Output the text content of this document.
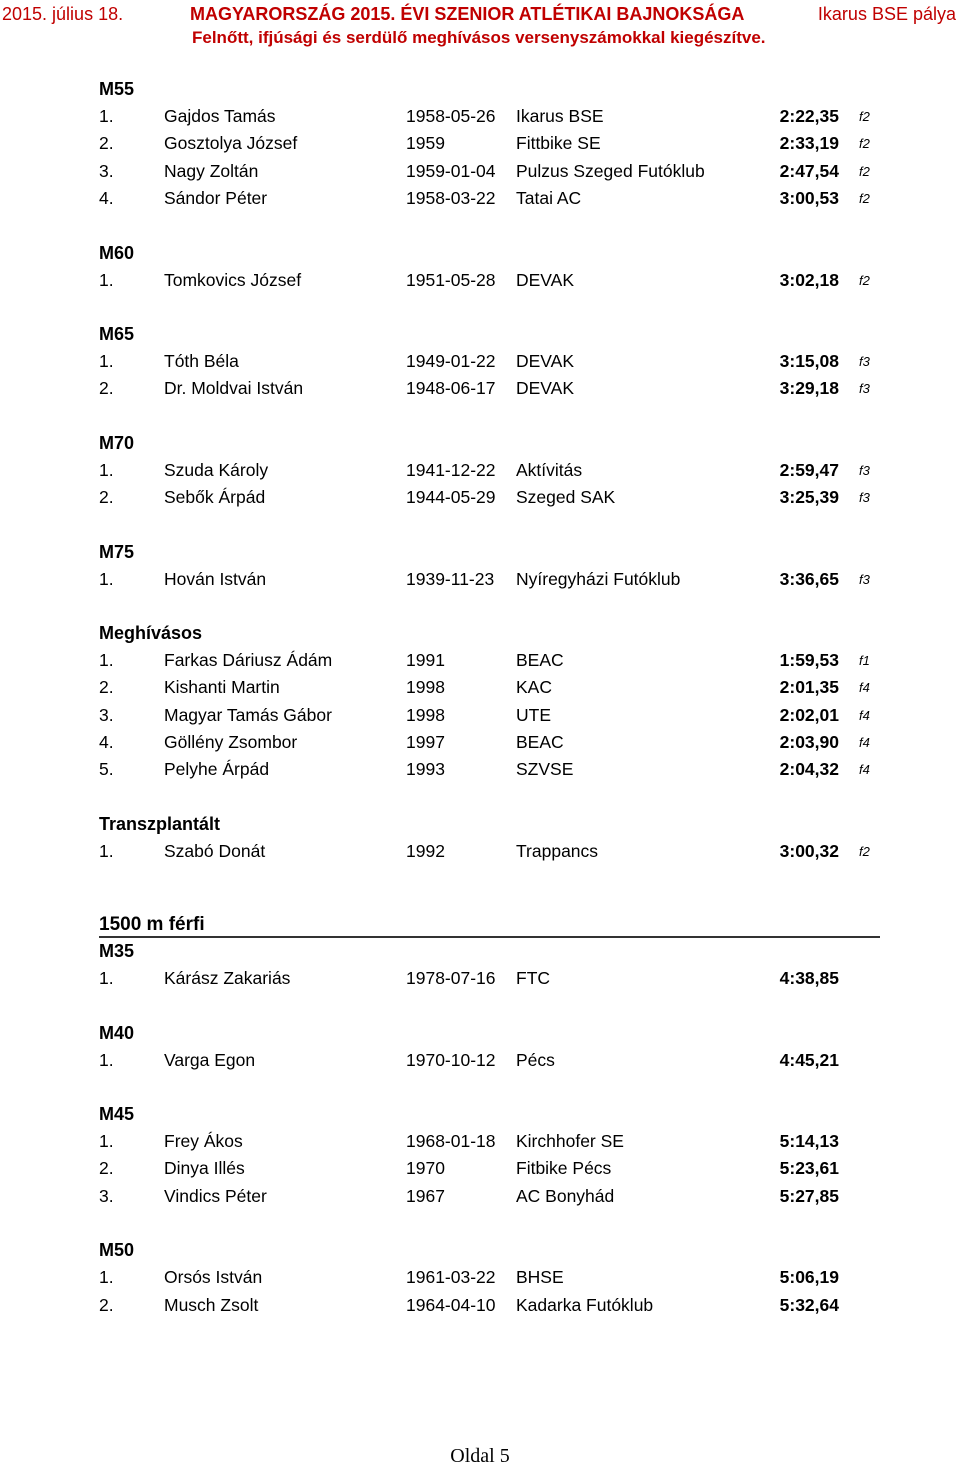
2015. július 18.	MAGYARORSZÁG 2015. ÉVI SZENIOR ATLÉTIKAI BAJNOKSÁGA	Ikarus BSE pálya
Felnőtt, ifjúsági és serdülő meghívásos versenyszámokkal kiegészítve.
M55
1.	Gajdos Tamás	1958-05-26 Ikarus BSE	2:22,35 f2
2.	Gosztolya József	1959	Fittbike SE	2:33,19 f2
3.	Nagy Zoltán	1959-01-04 Pulzus Szeged Futóklub	2:47,54 f2
4.	Sándor Péter	1958-03-22 Tatai AC	3:00,53 f2
M60
1.	Tomkovics József	1951-05-28 DEVAK	3:02,18 f2
M65
1.	Tóth Béla	1949-01-22 DEVAK	3:15,08 f3
2.	Dr. Moldvai István	1948-06-17 DEVAK	3:29,18 f3
M70
1.	Szuda Károly	1941-12-22 Aktívitás	2:59,47 f3
2.	Sebők Árpád	1944-05-29 Szeged SAK	3:25,39 f3
M75
1.	Hován István	1939-11-23 Nyíregyházi Futóklub	3:36,65 f3
Meghívásos
1.	Farkas Dáriusz Ádám	1991	BEAC	1:59,53 f1
2.	Kishanti Martin	1998	KAC	2:01,35 f4
3.	Magyar Tamás Gábor	1998	UTE	2:02,01 f4
4.	Göllény Zsombor	1997	BEAC	2:03,90 f4
5.	Pelyhe Árpád	1993	SZVSE	2:04,32 f4
Transzplantált
1.	Szabó Donát	1992	Trappancs	3:00,32 f2
1500 m férfi
M35
1.	Kárász Zakariás	1978-07-16 FTC	4:38,85
M40
1.	Varga Egon	1970-10-12 Pécs	4:45,21
M45
1.	Frey Ákos	1968-01-18 Kirchhofer SE	5:14,13
2.	Dinya Illés	1970	Fitbike Pécs	5:23,61
3.	Vindics Péter	1967	AC Bonyhád	5:27,85
M50
1.	Orsós István	1961-03-22 BHSE	5:06,19
2.	Musch Zsolt	1964-04-10 Kadarka Futóklub	5:32,64
Oldal 5
